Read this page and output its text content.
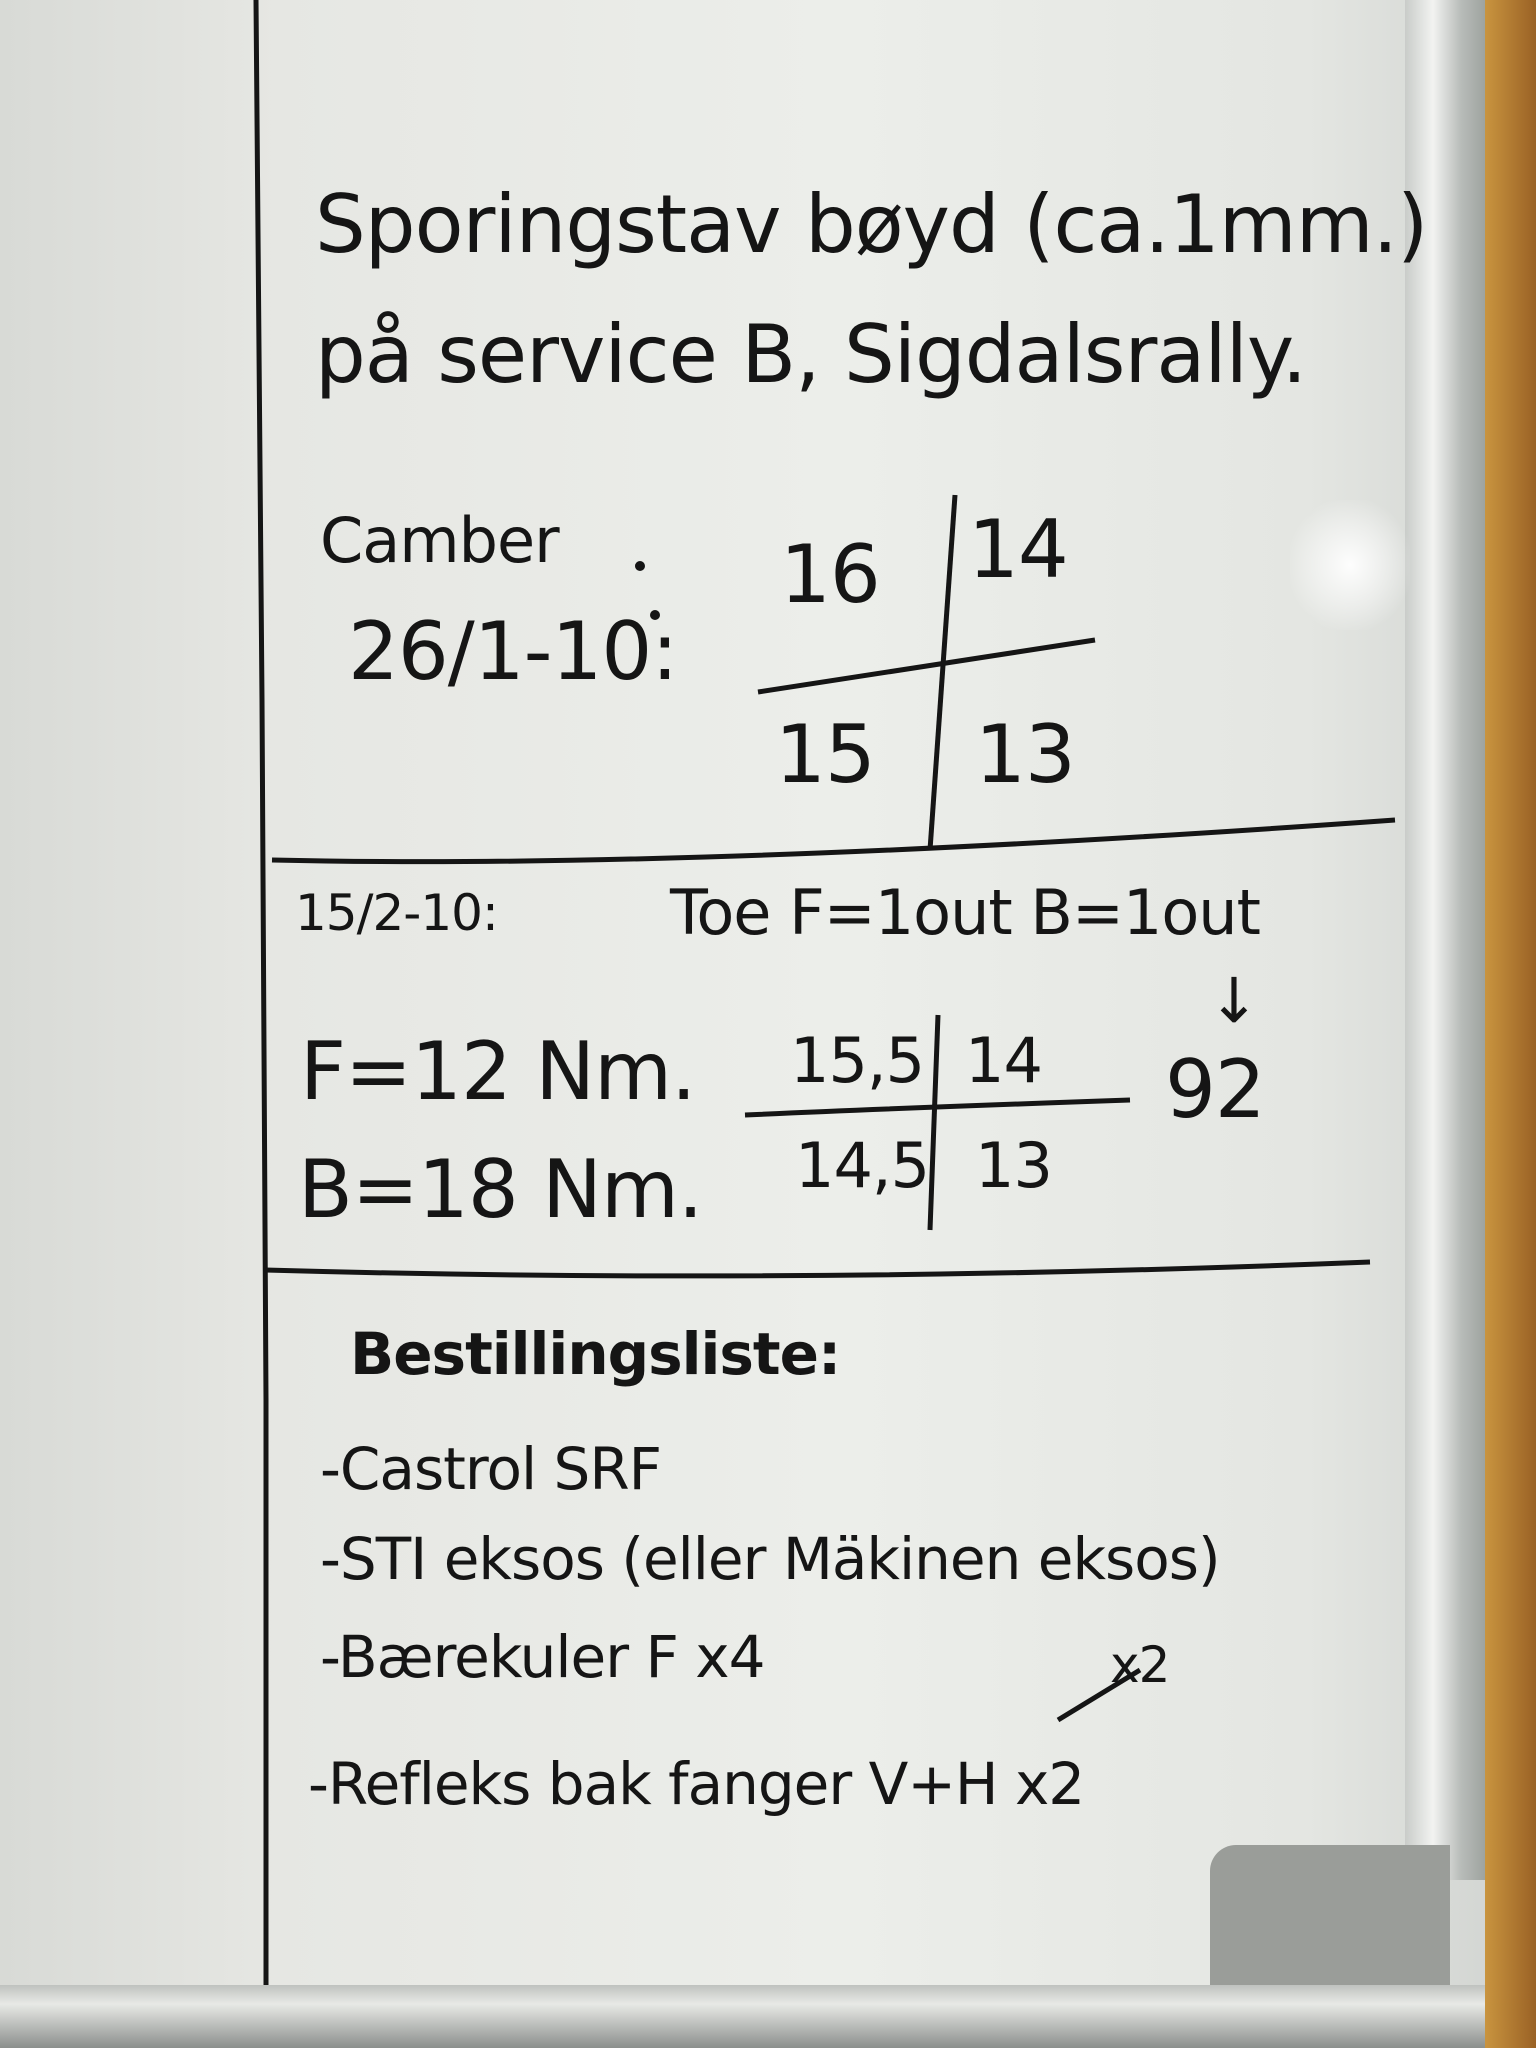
Sporingstav bøyd (ca.1mm.)

på service B, Sigdalsrally.

Camber

26/1-10:

16 14

15 13

15/2-10:	Toe F=1out B=1out

↓

92

F=12 Nm.

B=18 Nm.

15,5 14

14,5 13

Bestillingsliste:

-Castrol SRF

-STI eksos (eller Mäkinen eksos)

-Bærekuler F x4

-Refleks bak fanger V+H x2

x2
